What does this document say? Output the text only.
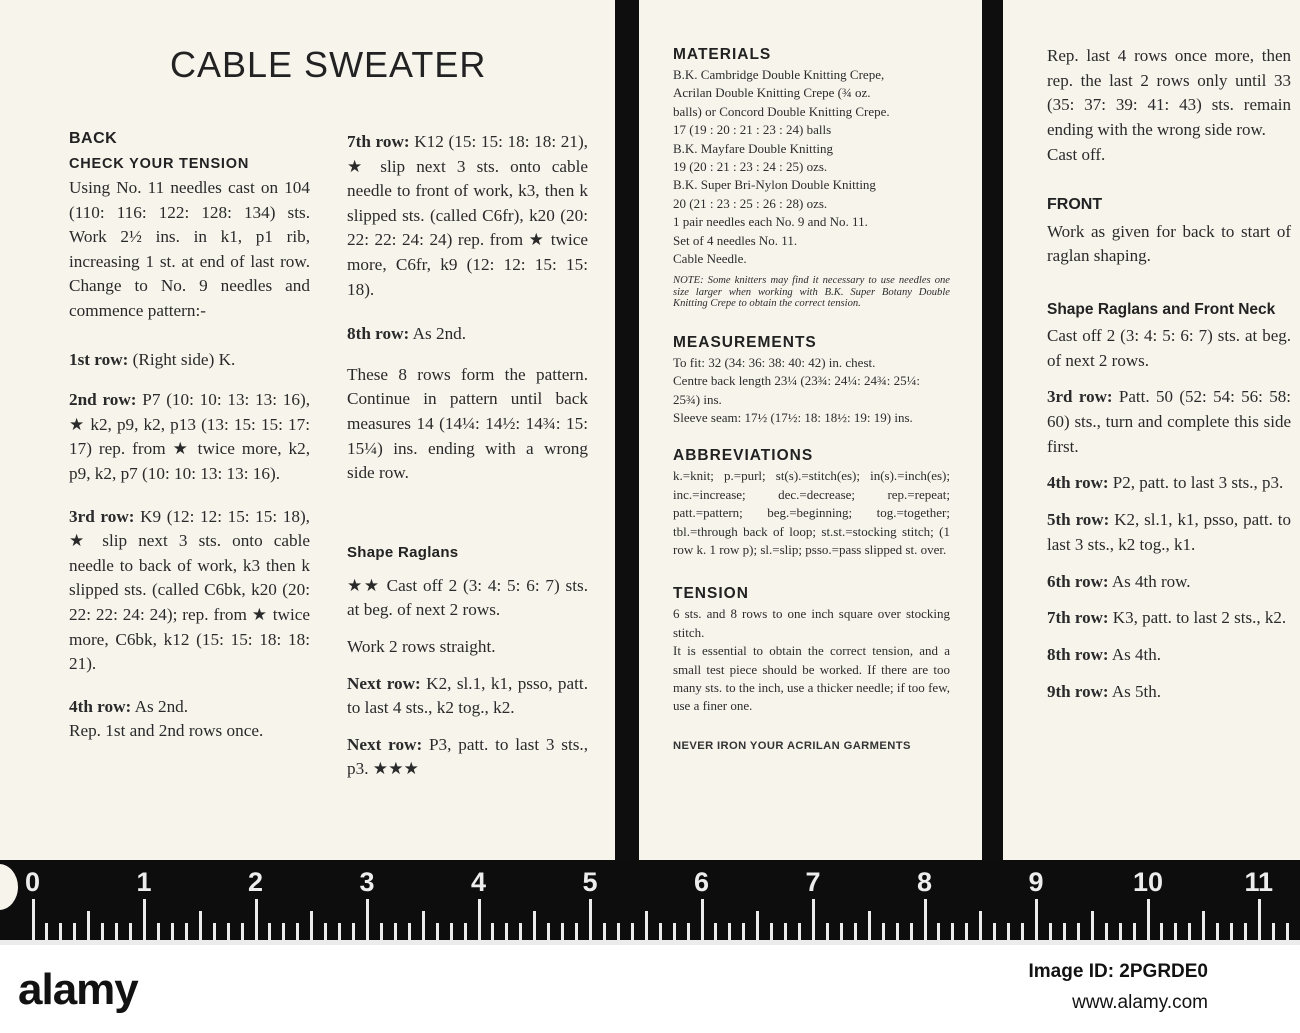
CABLE SWEATER
BACK
CHECK YOUR TENSION

Using No. 11 needles cast on 104 (110: 116: 122: 128: 134) sts. Work 2½ ins. in k1, p1 rib, increasing 1 st. at end of last row. Change to No. 9 needles and commence pattern:-

1st row: (Right side) K.

2nd row: P7 (10: 10: 13: 13: 16), ★ k2, p9, k2, p13 (13: 15: 15: 17: 17) rep. from ★ twice more, k2, p9, k2, p7 (10: 10: 13: 13: 16).

3rd row: K9 (12: 12: 15: 15: 18), ★ slip next 3 sts. onto cable needle to back of work, k3 then k slipped sts. (called C6bk, k20 (20: 22: 22: 24: 24); rep. from ★ twice more, C6bk, k12 (15: 15: 18: 18: 21).

4th row: As 2nd.

Rep. 1st and 2nd rows once.

7th row: K12 (15: 15: 18: 18: 21), ★ slip next 3 sts. onto cable needle to front of work, k3, then k slipped sts. (called C6fr), k20 (20: 22: 22: 24: 24) rep. from ★ twice more, C6fr, k9 (12: 12: 15: 15: 18).

8th row: As 2nd.

These 8 rows form the pattern. Continue in pattern until back measures 14 (14¼: 14½: 14¾: 15: 15¼) ins. ending with a wrong side row.

Shape Raglans

★★ Cast off 2 (3: 4: 5: 6: 7) sts. at beg. of next 2 rows.

Work 2 rows straight.

Next row: K2, sl.1, k1, psso, patt. to last 4 sts., k2 tog., k2.

Next row: P3, patt. to last 3 sts., p3. ★★★

MATERIALS

B.K. Cambridge Double Knitting Crepe,

Acrilan Double Knitting Crepe (¾ oz.

balls) or Concord Double Knitting Crepe.

17 (19 : 20 : 21 : 23 : 24) balls

B.K. Mayfare Double Knitting

19 (20 : 21 : 23 : 24 : 25) ozs.

B.K. Super Bri-Nylon Double Knitting

20 (21 : 23 : 25 : 26 : 28) ozs.

1 pair needles each No. 9 and No. 11.

Set of 4 needles No. 11.

Cable Needle.

NOTE: Some knitters may find it necessary to use needles one size larger when working with B.K. Super Botany Double Knitting Crepe to obtain the correct tension.
MEASUREMENTS

To fit: 32 (34: 36: 38: 40: 42) in. chest.

Centre back length 23¼ (23¾: 24¼: 24¾: 25¼: 25¾) ins.

Sleeve seam: 17½ (17½: 18: 18½: 19: 19) ins.

ABBREVIATIONS
k.=knit; p.=purl; st(s).=stitch(es); in(s).=inch(es); inc.=increase; dec.=decrease; rep.=repeat; patt.=pattern; beg.=beginning; tog.=together; tbl.=through back of loop; st.st.=stocking stitch; (1 row k. 1 row p); sl.=slip; psso.=pass slipped st. over.
TENSION

6 sts. and 8 rows to one inch square over stocking stitch.

It is essential to obtain the correct tension, and a small test piece should be worked. If there are too many sts. to the inch, use a thicker needle; if too few, use a finer one.

NEVER IRON YOUR ACRILAN GARMENTS

Rep. last 4 rows once more, then rep. the last 2 rows only until 33 (35: 37: 39: 41: 43) sts. remain ending with the wrong side row.

Cast off.

FRONT

Work as given for back to start of raglan shaping.

Shape Raglans and Front Neck

Cast off 2 (3: 4: 5: 6: 7) sts. at beg. of next 2 rows.

3rd row: Patt. 50 (52: 54: 56: 58: 60) sts., turn and complete this side first.

4th row: P2, patt. to last 3 sts., p3.

5th row: K2, sl.1, k1, psso, patt. to last 3 sts., k2 tog., k1.

6th row: As 4th row.

7th row: K3, patt. to last 2 sts., k2.

8th row: As 4th.

9th row: As 5th.

0	1	2	3	4	5	6	7	8	9	10	11
alamy	Image ID: 2PGRDE0
www.alamy.com
